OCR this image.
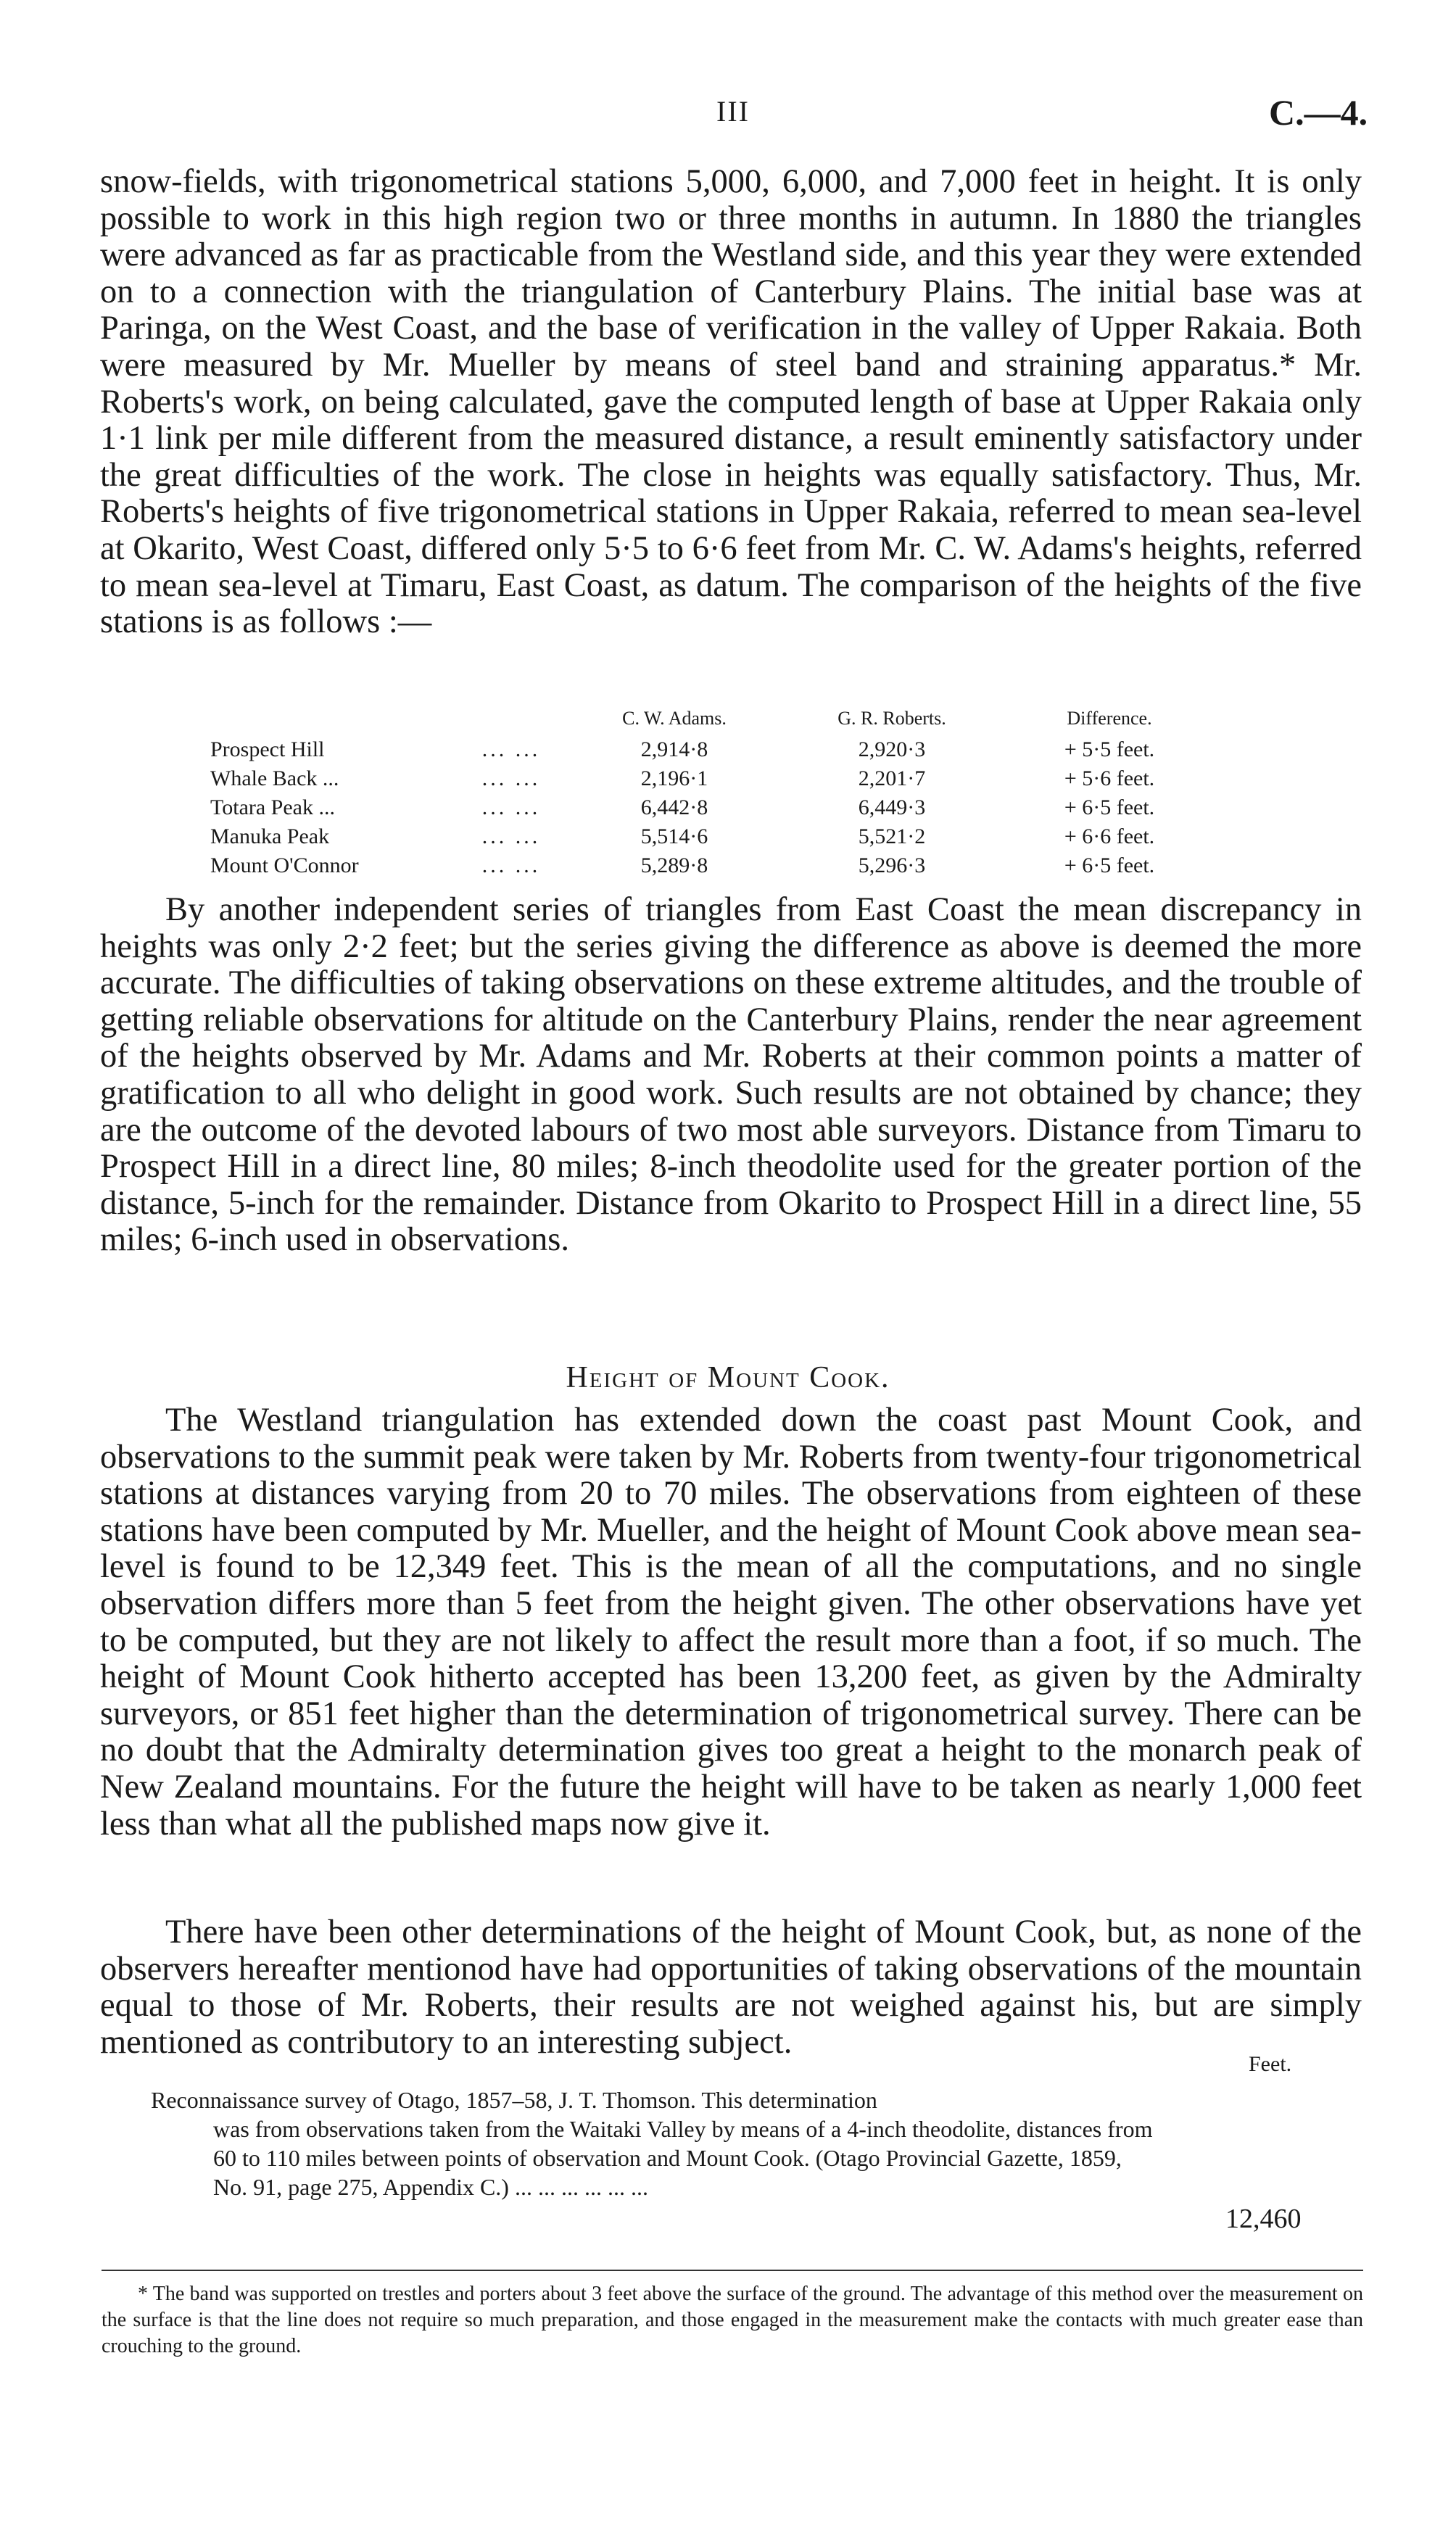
III	C.—4.

snow-fields, with trigonometrical stations 5,000, 6,000, and 7,000 feet in height. It is only possible to work in this high region two or three months in autumn. In 1880 the triangles were advanced as far as practicable from the Westland side, and this year they were extended on to a connection with the triangulation of Canterbury Plains. The initial base was at Paringa, on the West Coast, and the base of verification in the valley of Upper Rakaia. Both were measured by Mr. Mueller by means of steel band and straining apparatus.* Mr. Roberts's work, on being calculated, gave the computed length of base at Upper Rakaia only 1·1 link per mile different from the measured distance, a result eminently satisfactory under the great difficulties of the work. The close in heights was equally satisfactory. Thus, Mr. Roberts's heights of five trigonometrical stations in Upper Rakaia, referred to mean sea-level at Okarito, West Coast, differed only 5·5 to 6·6 feet from Mr. C. W. Adams's heights, referred to mean sea-level at Timaru, East Coast, as datum. The comparison of the heights of the five stations is as follows :—

		C. W. Adams.	G. R. Roberts.	Difference.
Prospect Hill	... ...	2,914·8	2,920·3	+ 5·5 feet.
Whale Back ...	... ...	2,196·1	2,201·7	+ 5·6 feet.
Totara Peak ...	... ...	6,442·8	6,449·3	+ 6·5 feet.
Manuka Peak	... ...	5,514·6	5,521·2	+ 6·6 feet.
Mount O'Connor	... ...	5,289·8	5,296·3	+ 6·5 feet.

By another independent series of triangles from East Coast the mean discrepancy in heights was only 2·2 feet; but the series giving the difference as above is deemed the more accurate. The difficulties of taking observations on these extreme altitudes, and the trouble of getting reliable observations for altitude on the Canterbury Plains, render the near agreement of the heights observed by Mr. Adams and Mr. Roberts at their common points a matter of gratification to all who delight in good work. Such results are not obtained by chance; they are the outcome of the devoted labours of two most able surveyors. Distance from Timaru to Prospect Hill in a direct line, 80 miles; 8-inch theodolite used for the greater portion of the distance, 5-inch for the remainder. Distance from Okarito to Prospect Hill in a direct line, 55 miles; 6-inch used in observations.

Height of Mount Cook.

The Westland triangulation has extended down the coast past Mount Cook, and observations to the summit peak were taken by Mr. Roberts from twenty-four trigonometrical stations at distances varying from 20 to 70 miles. The observations from eighteen of these stations have been computed by Mr. Mueller, and the height of Mount Cook above mean sea-level is found to be 12,349 feet. This is the mean of all the computations, and no single observation differs more than 5 feet from the height given. The other observations have yet to be computed, but they are not likely to affect the result more than a foot, if so much. The height of Mount Cook hitherto accepted has been 13,200 feet, as given by the Admiralty surveyors, or 851 feet higher than the determination of trigonometrical survey. There can be no doubt that the Admiralty determination gives too great a height to the monarch peak of New Zealand mountains. For the future the height will have to be taken as nearly 1,000 feet less than what all the published maps now give it.

There have been other determinations of the height of Mount Cook, but, as none of the observers hereafter mentionod have had opportunities of taking observations of the mountain equal to those of Mr. Roberts, their results are not weighed against his, but are simply mentioned as contributory to an interesting subject.

Feet.
Reconnaissance survey of Otago, 1857–58, J. T. Thomson. This determination
was from observations taken from the Waitaki Valley by means of a 4-inch theodolite, distances from 60 to 110 miles between points of observation and Mount Cook. (Otago Provincial Gazette, 1859, No. 91, page 275, Appendix C.) ... ... ... ... ... ...
12,460

* The band was supported on trestles and porters about 3 feet above the surface of the ground. The advantage of this method over the measurement on the surface is that the line does not require so much preparation, and those engaged in the measurement make the contacts with much greater ease than crouching to the ground.
